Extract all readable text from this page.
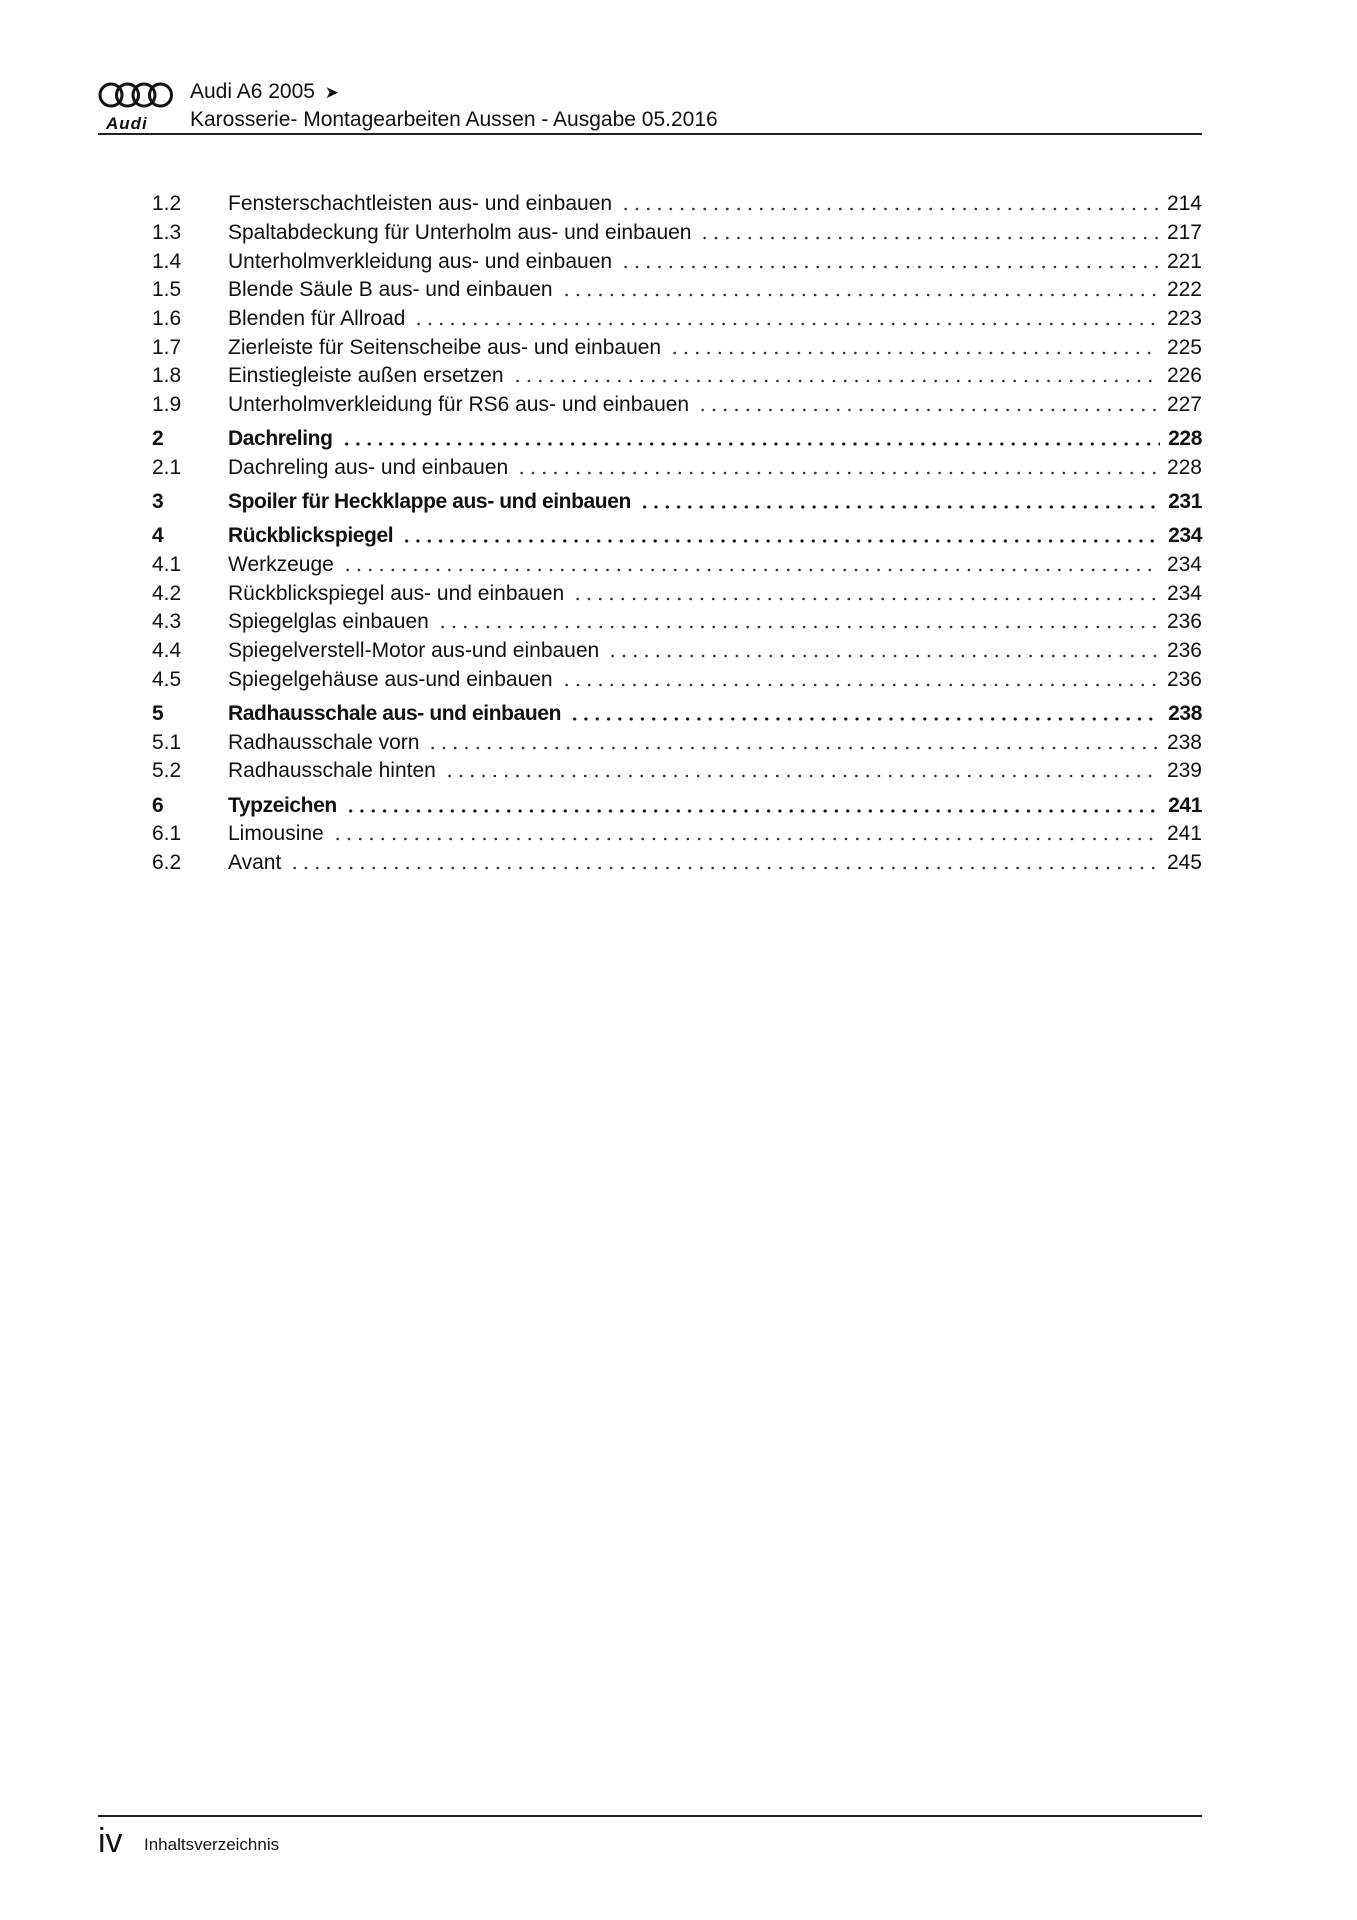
Audi
Audi A6 2005 ➤
Karosserie- Montagearbeiten Aussen - Ausgabe 05.2016
1.2	Fensterschachtleisten aus- und einbauen	214
1.3	Spaltabdeckung für Unterholm aus- und einbauen	217
1.4	Unterholmverkleidung aus- und einbauen	221
1.5	Blende Säule B aus- und einbauen	222
1.6	Blenden für Allroad	223
1.7	Zierleiste für Seitenscheibe aus- und einbauen	225
1.8	Einstiegleiste außen ersetzen	226
1.9	Unterholmverkleidung für RS6 aus- und einbauen	227
2	Dachreling	228
2.1	Dachreling aus- und einbauen	228
3	Spoiler für Heckklappe aus- und einbauen	231
4	Rückblickspiegel	234
4.1	Werkzeuge	234
4.2	Rückblickspiegel aus- und einbauen	234
4.3	Spiegelglas einbauen	236
4.4	Spiegelverstell-Motor aus-und einbauen	236
4.5	Spiegelgehäuse aus-und einbauen	236
5	Radhausschale aus- und einbauen	238
5.1	Radhausschale vorn	238
5.2	Radhausschale hinten	239
6	Typzeichen	241
6.1	Limousine	241
6.2	Avant	245
iv Inhaltsverzeichnis
